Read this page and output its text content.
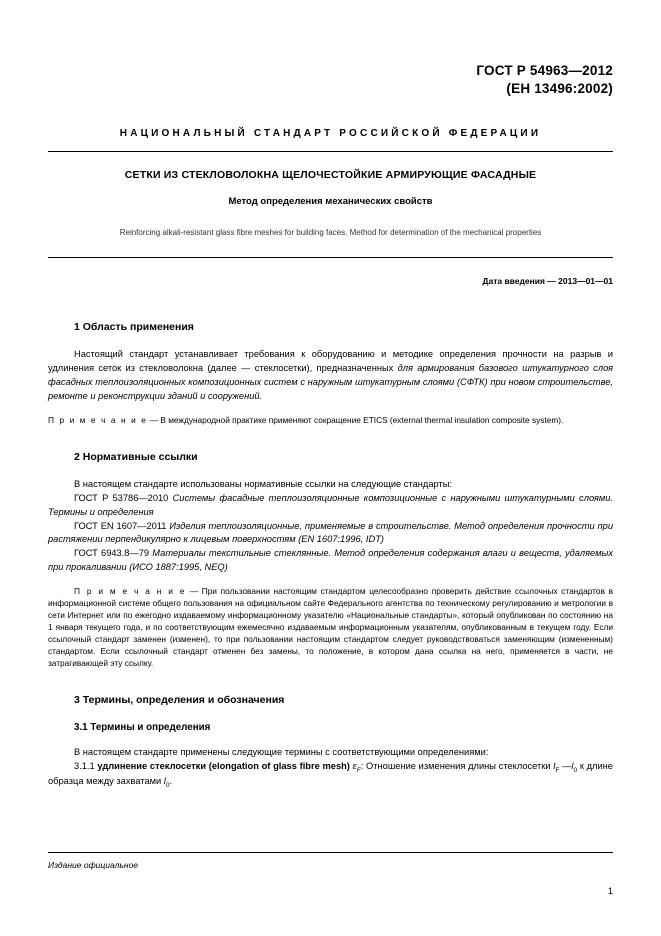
ГОСТ Р 54963—2012
(ЕН 13496:2002)
НАЦИОНАЛЬНЫЙ СТАНДАРТ РОССИЙСКОЙ ФЕДЕРАЦИИ
СЕТКИ ИЗ СТЕКЛОВОЛОКНА ЩЕЛОЧЕСТОЙКИЕ АРМИРУЮЩИЕ ФАСАДНЫЕ
Метод определения механических свойств
Reinforcing alkali-resistant glass fibre meshes for building faces. Method for determination of the mechanical properties
Дата введения — 2013—01—01
1 Область применения

Настоящий стандарт устанавливает требования к оборудованию и методике определения прочности на разрыв и удлинения сеток из стекловолокна (далее — стеклосетки), предназначенных для армирования базового штукатурного слоя фасадных теплоизоляционных композиционных систем с наружным штукатурным слоями (СФТК) при новом строительстве, ремонте и реконструкции зданий и сооружений.

П р и м е ч а н и е — В международной практике применяют сокращение ETICS (external thermal insulation composite system).
2 Нормативные ссылки

В настоящем стандарте использованы нормативные ссылки на следующие стандарты:

ГОСТ Р 53786—2010 Системы фасадные теплоизоляционные композиционные с наружными штукатурными слоями. Термины и определения

ГОСТ EN 1607—2011 Изделия теплоизоляционные, применяемые в строительстве. Метод определения прочности при растяжении перпендикулярно к лицевым поверхностям (EN 1607:1996, IDT)

ГОСТ 6943.8—79 Материалы текстильные стеклянные. Метод определения содержания влаги и веществ, удаляемых при прокаливании (ИСО 1887:1995, NEQ)

П р и м е ч а н и е — При пользовании настоящим стандартом целесообразно проверить действие ссылочных стандартов в информационной системе общего пользования на официальном сайте Федерального агентства по техническому регулированию и метрологии в сети Интернет или по ежегодно издаваемому информационному указателю «Национальные стандарты», который опубликован по состоянию на 1 января текущего года, и по соответствующим ежемесячно издаваемым информационным указателям, опубликованным в текущем году. Если ссылочный стандарт заменен (изменен), то при пользовании настоящим стандартом следует руководствоваться заменяющим (измененным) стандартом. Если ссылочный стандарт отменен без замены, то положение, в котором дана ссылка на него, применяется в части, не затрагивающей эту ссылку.
3 Термины, определения и обозначения
3.1 Термины и определения

В настоящем стандарте применены следующие термины с соответствующими определениями:

3.1.1 удлинение стеклосетки (elongation of glass fibre mesh) $\varepsilon_F$: Отношение изменения длины стеклосетки $l_F$ $—l_0$ к длине образца между захватами $l_0$.

Издание официальное
1
